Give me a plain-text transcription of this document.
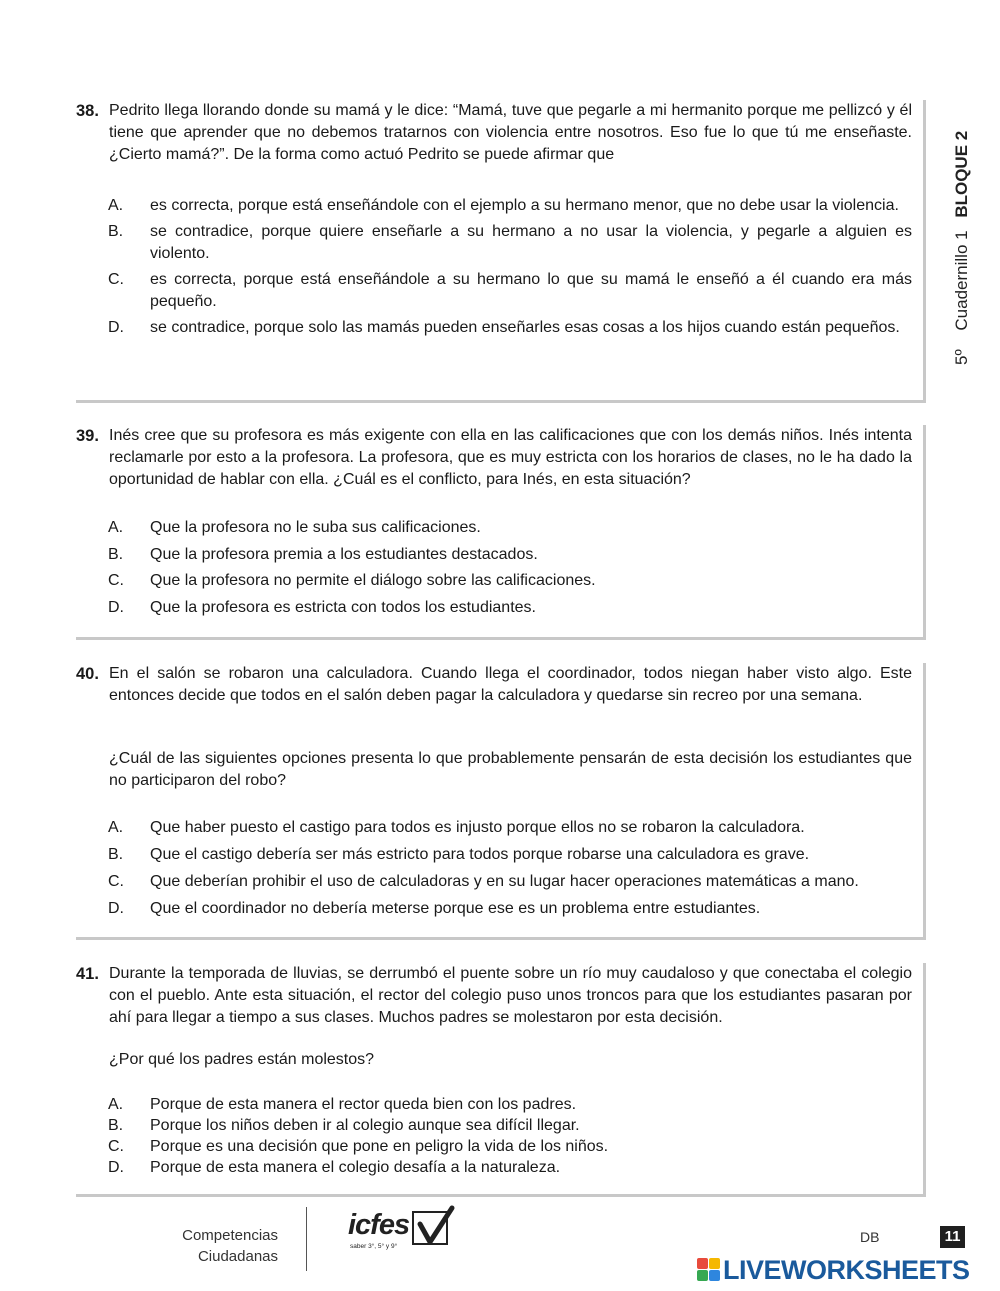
5º Cuadernillo 1 BLOQUE 2
38. Pedrito llega llorando donde su mamá y le dice: “Mamá, tuve que pegarle a mi hermanito porque me pellizcó y él tiene que aprender que no debemos tratarnos con violencia entre nosotros. Eso fue lo que tú me enseñaste. ¿Cierto mamá?”. De la forma como actuó Pedrito se puede afirmar que
A.	es correcta, porque está enseñándole con el ejemplo a su hermano menor, que no debe usar la violencia.
B.	se contradice, porque quiere enseñarle a su hermano a no usar la violencia, y pegarle a alguien es violento.
C.	es correcta, porque está enseñándole a su hermano lo que su mamá le enseñó a él cuando era más pequeño.
D.	se contradice, porque solo las mamás pueden enseñarles esas cosas a los hijos cuando están pequeños.
39. Inés cree que su profesora es más exigente con ella en las calificaciones que con los demás niños. Inés intenta reclamarle por esto a la profesora. La profesora, que es muy estricta con los horarios de clases, no le ha dado la oportunidad de hablar con ella. ¿Cuál es el conflicto, para Inés, en esta situación?
A.	Que la profesora no le suba sus calificaciones.
B.	Que la profesora premia a los estudiantes destacados.
C.	Que la profesora no permite el diálogo sobre las calificaciones.
D.	Que la profesora es estricta con todos los estudiantes.
40. En el salón se robaron una calculadora. Cuando llega el coordinador, todos niegan haber visto algo. Este entonces decide que todos en el salón deben pagar la calculadora y quedarse sin recreo por una semana.
¿Cuál de las siguientes opciones presenta lo que probablemente pensarán de esta decisión los estudiantes que no participaron del robo?
A.	Que haber puesto el castigo para todos es injusto porque ellos no se robaron la calculadora.
B.	Que el castigo debería ser más estricto para todos porque robarse una calculadora es grave.
C.	Que deberían prohibir el uso de calculadoras y en su lugar hacer operaciones matemáticas a mano.
D.	Que el coordinador no debería meterse porque ese es un problema entre estudiantes.
41. Durante la temporada de lluvias, se derrumbó el puente sobre un río muy caudaloso y que conectaba el colegio con el pueblo. Ante esta situación, el rector del colegio puso unos troncos para que los estudiantes pasaran por ahí para llegar a tiempo a sus clases. Muchos padres se molestaron por esta decisión.
¿Por qué los padres están molestos?
A.	Porque de esta manera el rector queda bien con los padres.
B.	Porque los niños deben ir al colegio aunque sea difícil llegar.
C.	Porque es una decisión que pone en peligro la vida de los niños.
D.	Porque de esta manera el colegio desafía a la naturaleza.
Competencias
Ciudadanas
icfes
saber 3°, 5° y 9°
DB	11
LIVEWORKSHEETS
